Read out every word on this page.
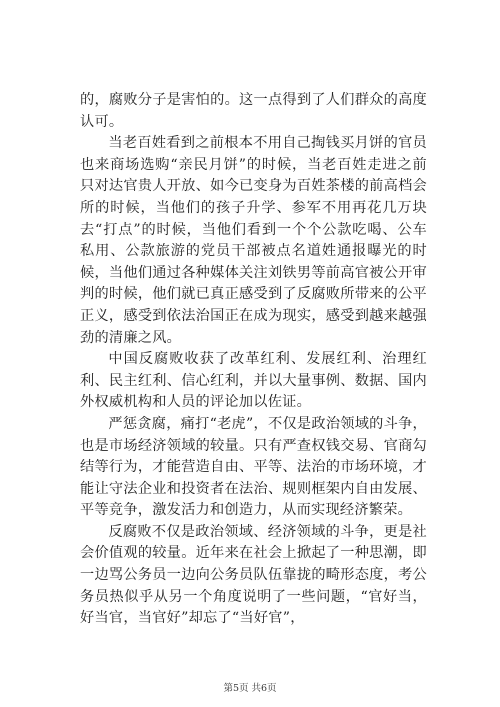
的，腐败分子是害怕的。这一点得到了人们群众的高度认可。

当老百姓看到之前根本不用自己掏钱买月饼的官员也来商场选购“亲民月饼”的时候，当老百姓走进之前只对达官贵人开放、如今已变身为百姓茶楼的前高档会所的时候，当他们的孩子升学、参军不用再花几万块去“打点”的时候，当他们看到一个个公款吃喝、公车私用、公款旅游的党员干部被点名道姓通报曝光的时候，当他们通过各种媒体关注刘铁男等前高官被公开审判的时候，他们就已真正感受到了反腐败所带来的公平正义，感受到依法治国正在成为现实，感受到越来越强劲的清廉之风。

中国反腐败收获了改革红利、发展红利、治理红利、民主红利、信心红利，并以大量事例、数据、国内外权威机构和人员的评论加以佐证。

严惩贪腐，痛打“老虎”，不仅是政治领域的斗争，也是市场经济领域的较量。只有严查权钱交易、官商勾结等行为，才能营造自由、平等、法治的市场环境，才能让守法企业和投资者在法治、规则框架内自由发展、平等竞争，激发活力和创造力，从而实现经济繁荣。

反腐败不仅是政治领域、经济领域的斗争，更是社会价值观的较量。近年来在社会上掀起了一种思潮，即一边骂公务员一边向公务员队伍靠拢的畸形态度，考公务员热似乎从另一个角度说明了一些问题，“官好当，好当官，当官好”却忘了“当好官”，

第5页 共6页
